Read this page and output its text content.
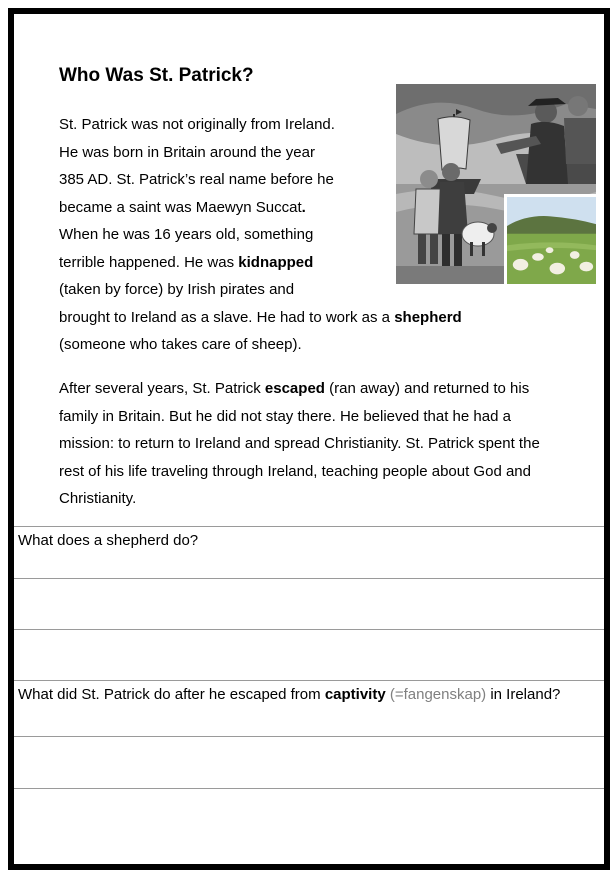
Who Was St. Patrick?

St. Patrick was not originally from Ireland.
He was born in Britain around the year
385 AD. St. Patrick’s real name before he
became a saint was Maewyn Succat.
When he was 16 years old, something
terrible happened. He was kidnapped
(taken by force) by Irish pirates and
brought to Ireland as a slave. He had to work as a shepherd
(someone who takes care of sheep).

After several years, St. Patrick escaped (ran away) and returned to his family in Britain. But he did not stay there. He believed that he had a mission: to return to Ireland and spread Christianity. St. Patrick spent the rest of his life traveling through Ireland, teaching people about God and Christianity.

What does a shepherd do?

What did St. Patrick do after he escaped from captivity (=fangenskap) in Ireland?
